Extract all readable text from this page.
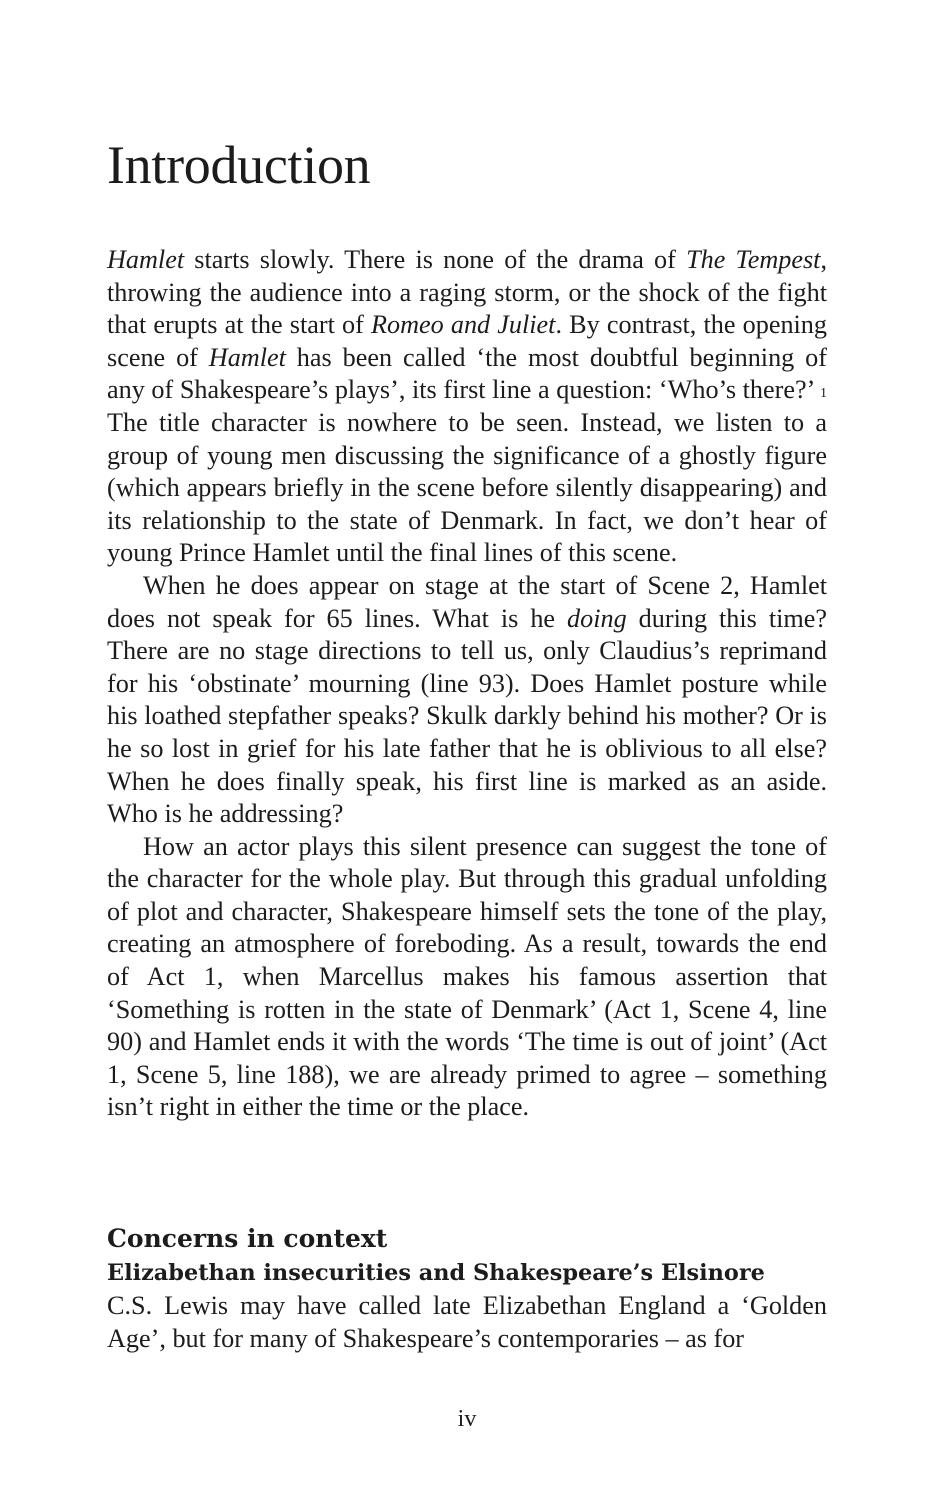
Introduction

Hamlet starts slowly. There is none of the drama of The Tempest, throwing the audience into a raging storm, or the shock of the fight that erupts at the start of Romeo and Juliet. By contrast, the opening scene of Hamlet has been called ‘the most doubtful beginning of any of Shakespeare’s plays’, its first line a question: ‘Who’s there?’ $^1$ The title character is nowhere to be seen. Instead, we listen to a group of young men discussing the significance of a ghostly figure (which appears briefly in the scene before silently disappearing) and its relationship to the state of Denmark. In fact, we don’t hear of young Prince Hamlet until the final lines of this scene.

When he does appear on stage at the start of Scene 2, Hamlet does not speak for 65 lines. What is he doing during this time? There are no stage directions to tell us, only Claudius’s reprimand for his ‘obstinate’ mourning (line 93). Does Hamlet posture while his loathed stepfather speaks? Skulk darkly behind his mother? Or is he so lost in grief for his late father that he is oblivious to all else? When he does finally speak, his first line is marked as an aside. Who is he addressing?

How an actor plays this silent presence can suggest the tone of the character for the whole play. But through this gradual unfolding of plot and character, Shakespeare himself sets the tone of the play, creating an atmosphere of foreboding. As a result, towards the end of Act 1, when Marcellus makes his famous assertion that ‘Something is rotten in the state of Denmark’ (Act 1, Scene 4, line 90) and Hamlet ends it with the words ‘The time is out of joint’ (Act 1, Scene 5, line 188), we are already primed to agree – something isn’t right in either the time or the place.

Concerns in context
Elizabethan insecurities and Shakespeare’s Elsinore

C.S. Lewis may have called late Elizabethan England a ‘Golden Age’, but for many of Shakespeare’s contemporaries – as for

iv
